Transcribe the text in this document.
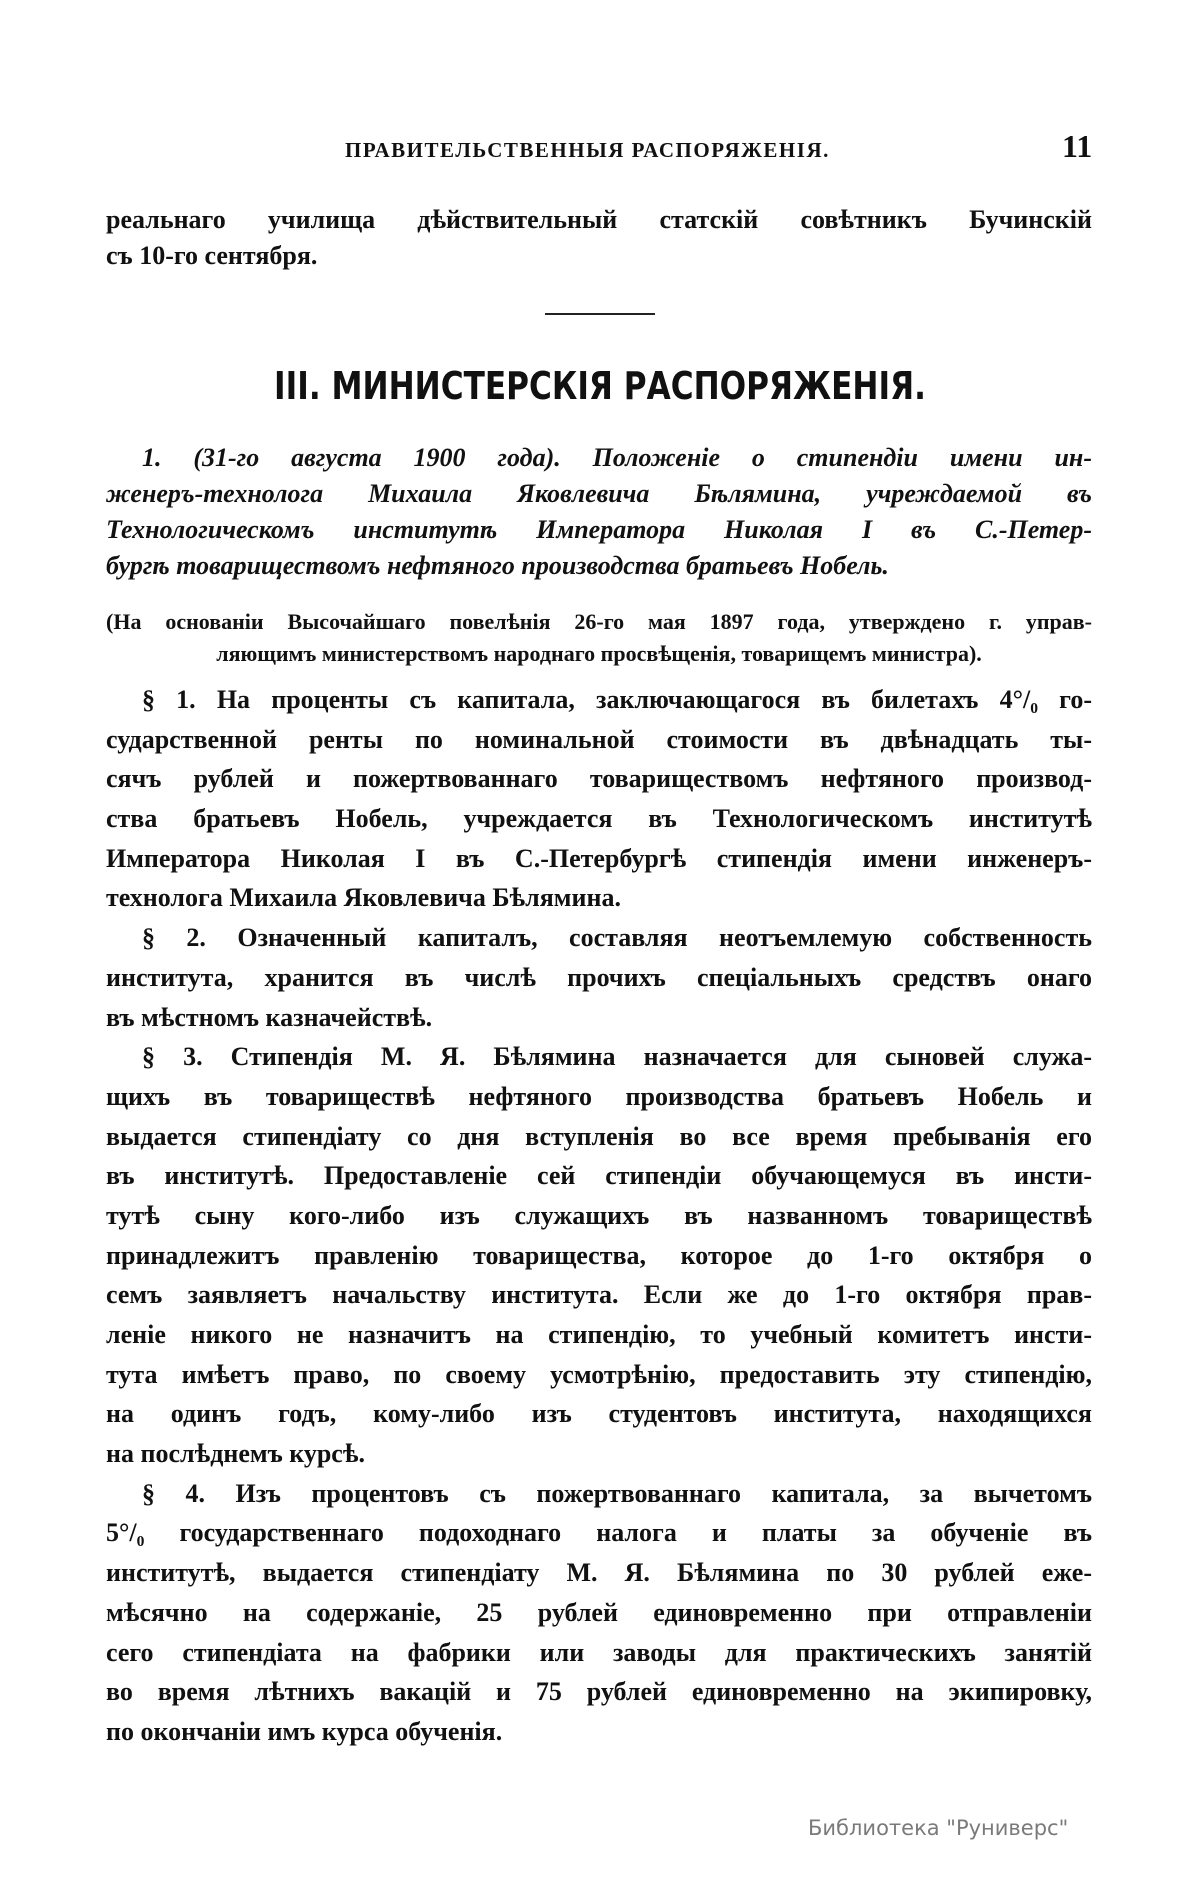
ПРАВИТЕЛЬСТВЕННЫЯ РАСПОРЯЖЕНІЯ.	11
реальнаго училища дѣйствительный статскій совѣтникъ Бучинскій
съ 10-го сентября.
III. МИНИСТЕРСКІЯ РАСПОРЯЖЕНІЯ.
1. (31-го августа 1900 года). Положеніе о стипендіи имени ин-
женеръ-технолога Михаила Яковлевича Бѣлямина, учреждаемой въ
Технологическомъ институтѣ Императора Николая I въ С.-Петер-
бургѣ товариществомъ нефтяного производства братьевъ Нобель.
(На основаніи Высочайшаго повелѣнія 26-го мая 1897 года, утверждено г. управ-
ляющимъ министерствомъ народнаго просвѣщенія, товарищемъ министра).
§ 1. На проценты съ капитала, заключающагося въ билетахъ 4°/₀ го-
сударственной ренты по номинальной стоимости въ двѣнадцать ты-
сячъ рублей и пожертвованнаго товариществомъ нефтяного производ-
ства братьевъ Нобель, учреждается въ Технологическомъ институтѣ
Императора Николая I въ С.-Петербургѣ стипендія имени инженеръ-
технолога Михаила Яковлевича Бѣлямина.
§ 2. Означенный капиталъ, составляя неотъемлемую собственность
института, хранится въ числѣ прочихъ спеціальныхъ средствъ онаго
въ мѣстномъ казначействѣ.
§ 3. Стипендія М. Я. Бѣлямина назначается для сыновей служа-
щихъ въ товариществѣ нефтяного производства братьевъ Нобель и
выдается стипендіату со дня вступленія во все время пребыванія его
въ институтѣ. Предоставленіе сей стипендіи обучающемуся въ инсти-
тутѣ сыну кого-либо изъ служащихъ въ названномъ товариществѣ
принадлежитъ правленію товарищества, которое до 1-го октября о
семъ заявляетъ начальству института. Если же до 1-го октября прав-
леніе никого не назначитъ на стипендію, то учебный комитетъ инсти-
тута имѣетъ право, по своему усмотрѣнію, предоставить эту стипендію,
на одинъ годъ, кому-либо изъ студентовъ института, находящихся
на послѣднемъ курсѣ.
§ 4. Изъ процентовъ съ пожертвованнаго капитала, за вычетомъ
5°/₀ государственнаго подоходнаго налога и платы за обученіе въ
институтѣ, выдается стипендіату М. Я. Бѣлямина по 30 рублей еже-
мѣсячно на содержаніе, 25 рублей единовременно при отправленіи
сего стипендіата на фабрики или заводы для практическихъ занятій
во время лѣтнихъ вакацій и 75 рублей единовременно на экипировку,
по окончаніи имъ курса обученія.
Библиотека "Руниверс"
